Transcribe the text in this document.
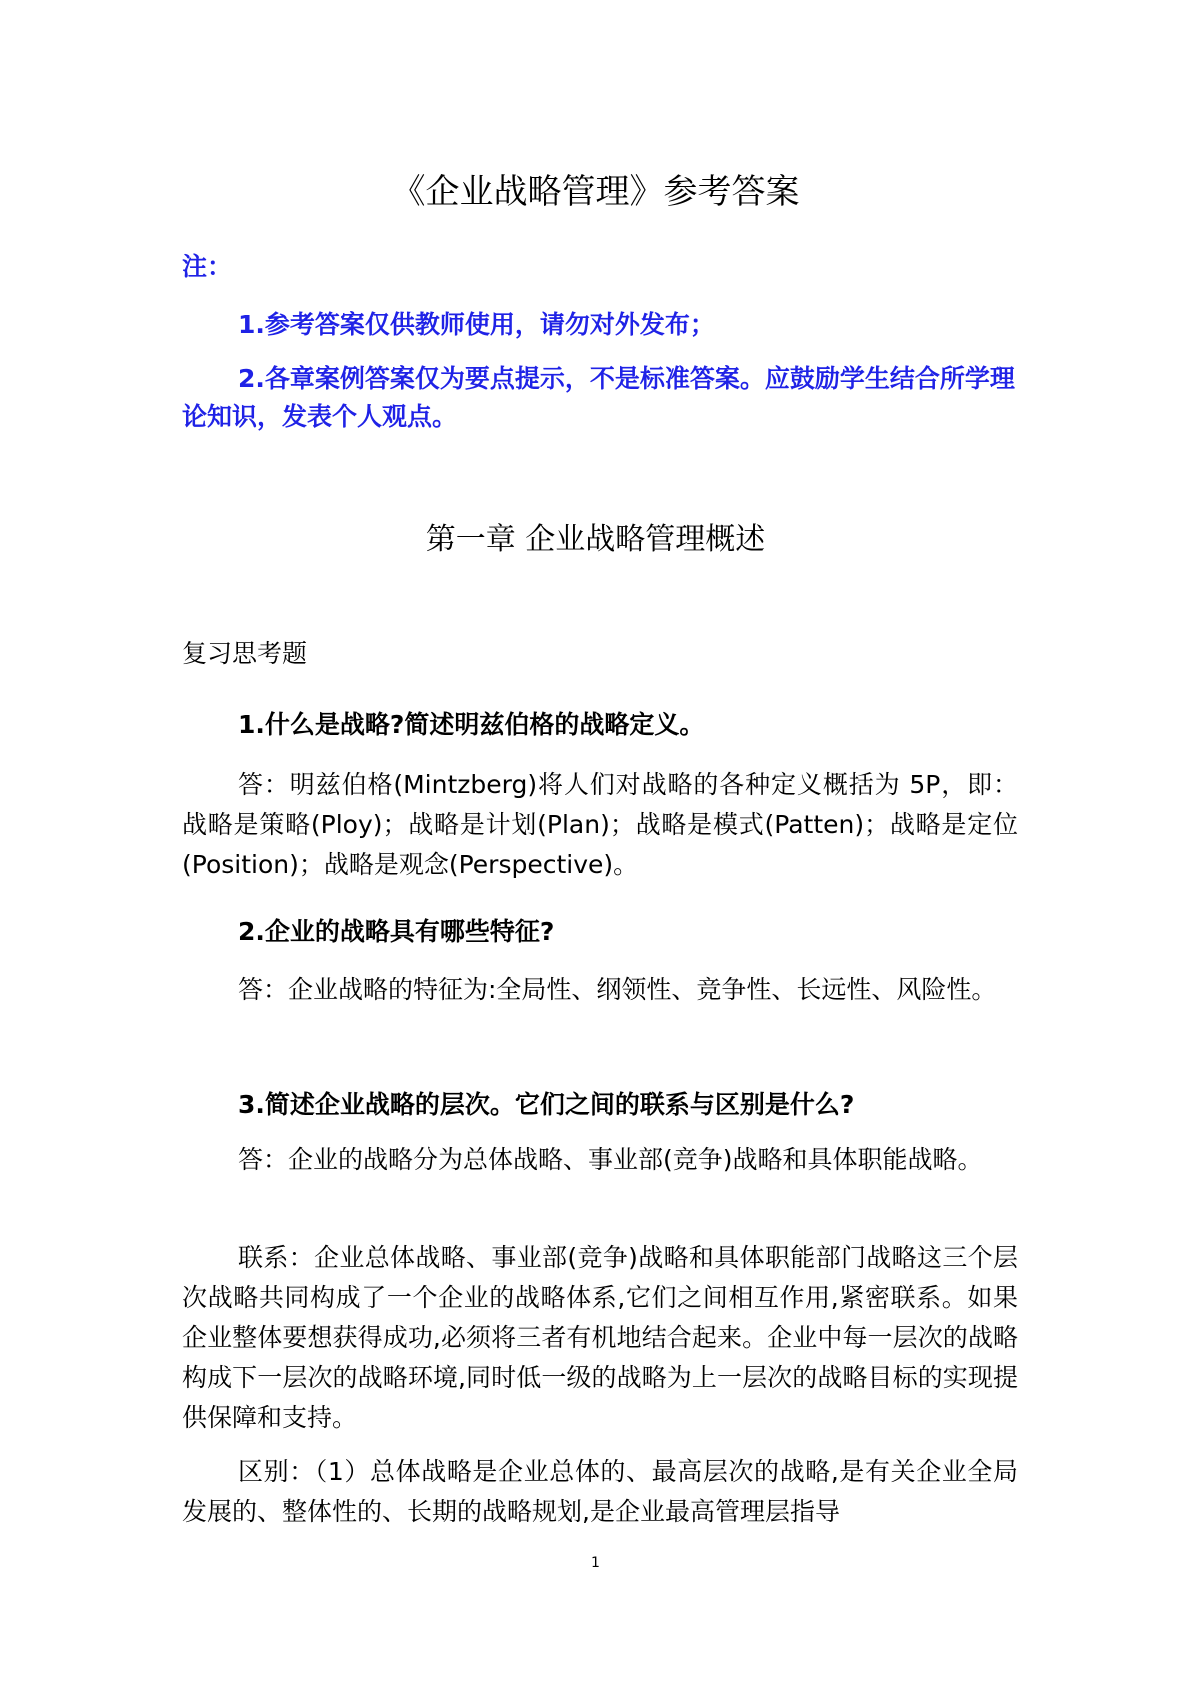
《企业战略管理》参考答案

注：

1.参考答案仅供教师使用，请勿对外发布；

2.各章案例答案仅为要点提示，不是标准答案。应鼓励学生结合所学理论知识，发表个人观点。

第一章 企业战略管理概述

复习思考题

1.什么是战略?简述明兹伯格的战略定义。

答：明兹伯格(Mintzberg)将人们对战略的各种定义概括为 5P，即：战略是策略(Ploy)；战略是计划(Plan)；战略是模式(Patten)；战略是定位(Position)；战略是观念(Perspective)。

2.企业的战略具有哪些特征?

答：企业战略的特征为:全局性、纲领性、竞争性、长远性、风险性。

3.简述企业战略的层次。它们之间的联系与区别是什么?

答：企业的战略分为总体战略、事业部(竞争)战略和具体职能战略。

联系：企业总体战略、事业部(竞争)战略和具体职能部门战略这三个层次战略共同构成了一个企业的战略体系,它们之间相互作用,紧密联系。如果企业整体要想获得成功,必须将三者有机地结合起来。企业中每一层次的战略构成下一层次的战略环境,同时低一级的战略为上一层次的战略目标的实现提供保障和支持。

区别：（1）总体战略是企业总体的、最高层次的战略,是有关企业全局发展的、整体性的、长期的战略规划,是企业最高管理层指导

1
